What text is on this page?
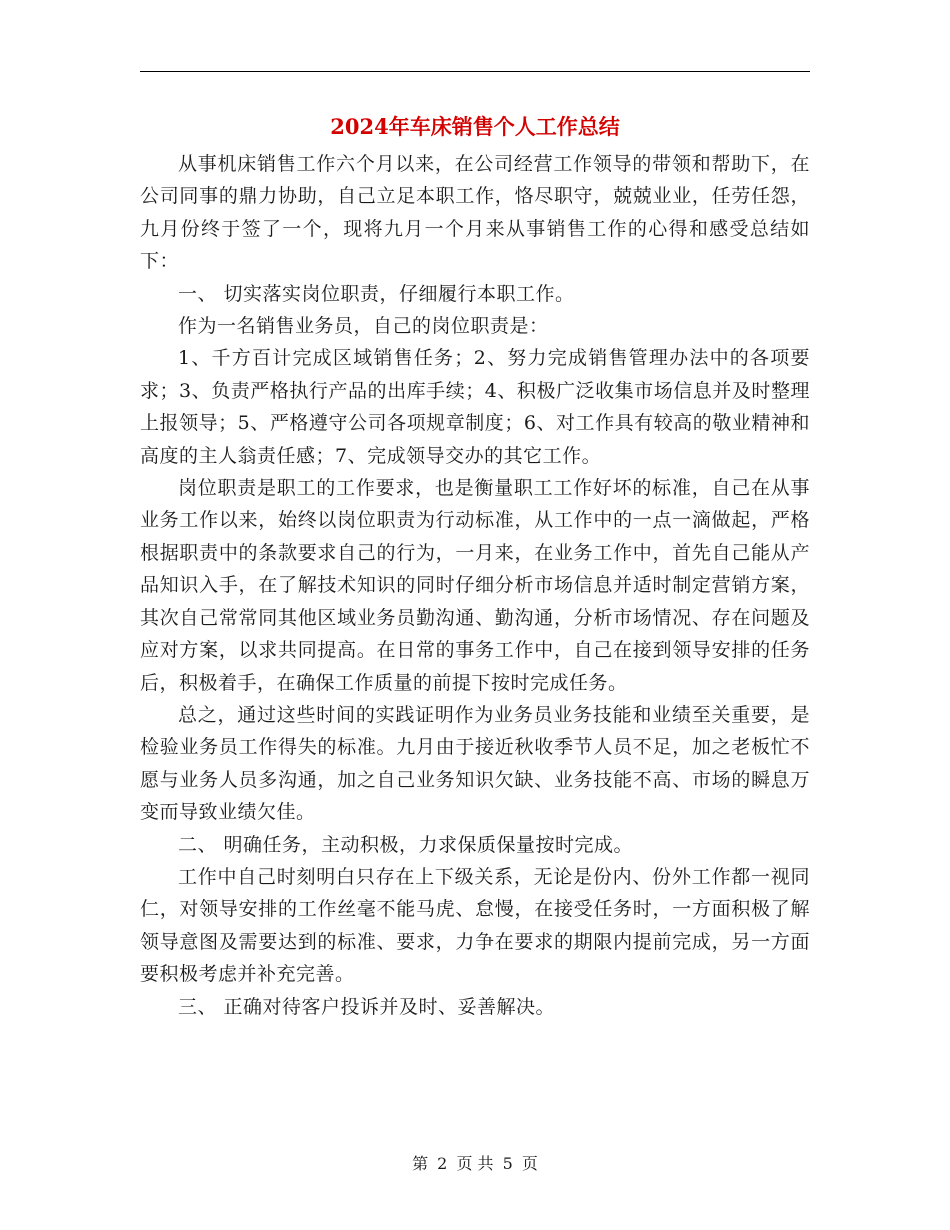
2024年车床销售个人工作总结

从事机床销售工作六个月以来，在公司经营工作领导的带领和帮助下，在公司同事的鼎力协助，自己立足本职工作，恪尽职守，兢兢业业，任劳任怨，九月份终于签了一个，现将九月一个月来从事销售工作的心得和感受总结如下：

一、 切实落实岗位职责，仔细履行本职工作。

作为一名销售业务员，自己的岗位职责是：

1、千方百计完成区域销售任务；2、努力完成销售管理办法中的各项要求；3、负责严格执行产品的出库手续；4、积极广泛收集市场信息并及时整理上报领导；5、严格遵守公司各项规章制度；6、对工作具有较高的敬业精神和高度的主人翁责任感；7、完成领导交办的其它工作。

岗位职责是职工的工作要求，也是衡量职工工作好坏的标准，自己在从事业务工作以来，始终以岗位职责为行动标准，从工作中的一点一滴做起，严格根据职责中的条款要求自己的行为，一月来，在业务工作中，首先自己能从产品知识入手，在了解技术知识的同时仔细分析市场信息并适时制定营销方案，其次自己常常同其他区域业务员勤沟通、勤沟通，分析市场情况、存在问题及应对方案，以求共同提高。在日常的事务工作中，自己在接到领导安排的任务后，积极着手，在确保工作质量的前提下按时完成任务。

总之，通过这些时间的实践证明作为业务员业务技能和业绩至关重要，是检验业务员工作得失的标准。九月由于接近秋收季节人员不足，加之老板忙不愿与业务人员多沟通，加之自己业务知识欠缺、业务技能不高、市场的瞬息万变而导致业绩欠佳。

二、 明确任务，主动积极，力求保质保量按时完成。

工作中自己时刻明白只存在上下级关系，无论是份内、份外工作都一视同仁，对领导安排的工作丝毫不能马虎、怠慢，在接受任务时，一方面积极了解领导意图及需要达到的标准、要求，力争在要求的期限内提前完成，另一方面要积极考虑并补充完善。

三、 正确对待客户投诉并及时、妥善解决。

第 2 页 共 5 页
